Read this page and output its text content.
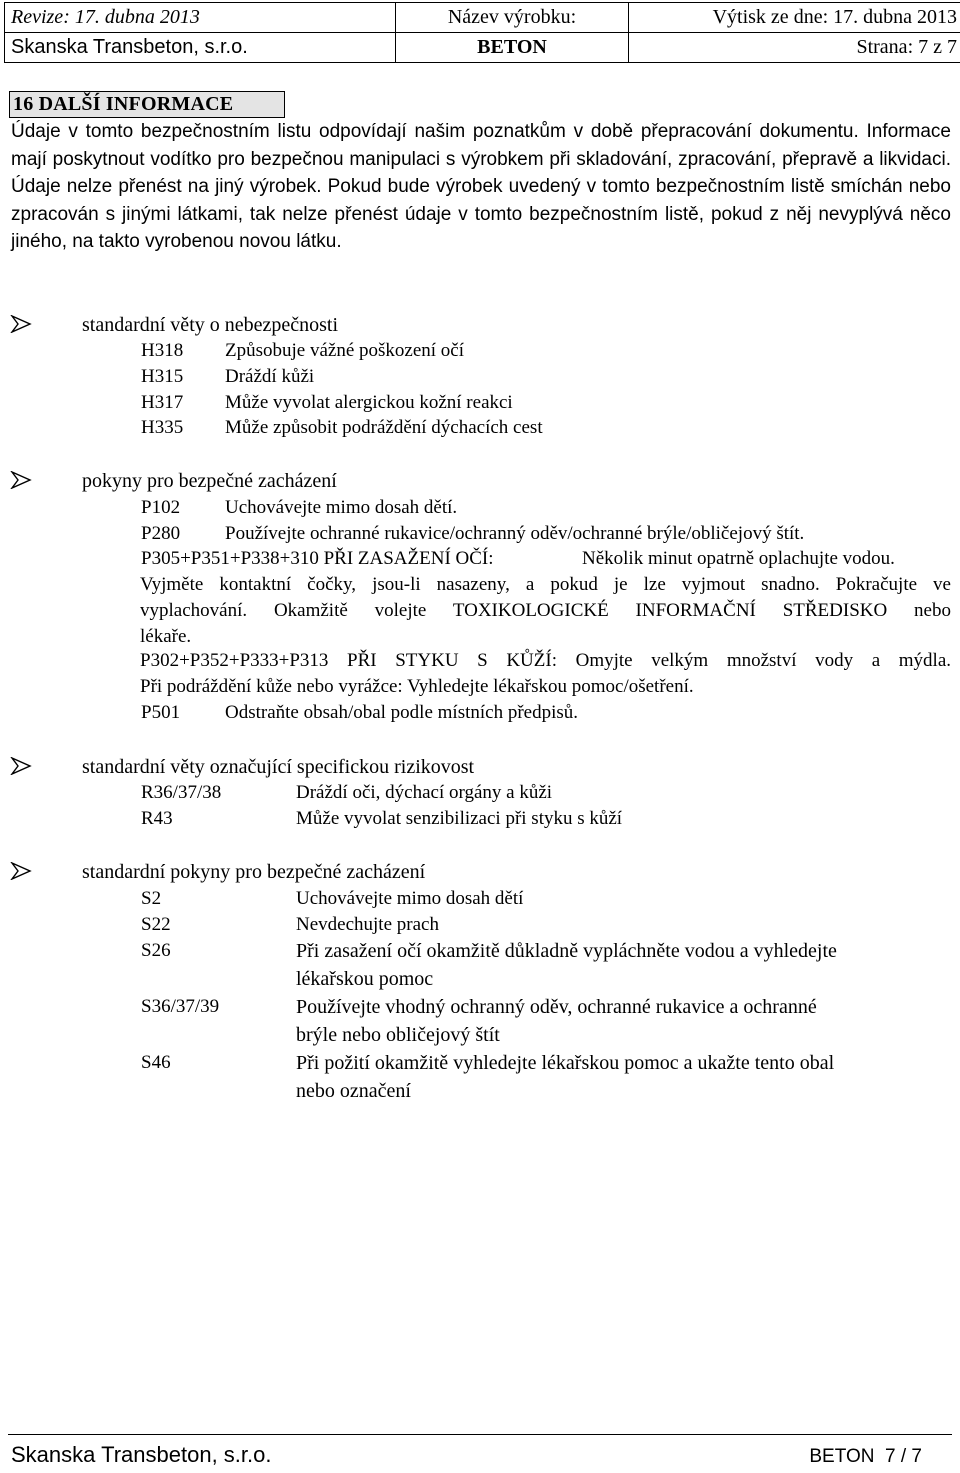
Revize: 17. dubna 2013	Název výrobku:	Výtisk ze dne: 17. dubna 2013
Skanska Transbeton, s.r.o.	BETON	Strana: 7 z 7
16 DALŠÍ INFORMACE

Údaje v tomto bezpečnostním listu odpovídají našim poznatkům v době přepracování dokumentu. Informace mají poskytnout vodítko pro bezpečnou manipulaci s výrobkem při skladování, zpracování, přepravě a likvidaci. Údaje nelze přenést na jiný výrobek. Pokud bude výrobek uvedený v tomto bezpečnostním listě smíchán nebo zpracován s jinými látkami, tak nelze přenést údaje v tomto bezpečnostním listě, pokud z něj nevyplývá něco jiného, na takto vyrobenou novou látku.

standardní věty o nebezpečnosti
H318 Způsobuje vážné poškození očí
H315 Dráždí kůži
H317 Může vyvolat alergickou kožní reakci
H335 Může způsobit podráždění dýchacích cest
pokyny pro bezpečné zacházení
P102 Uchovávejte mimo dosah dětí.
P280 Používejte ochranné rukavice/ochranný oděv/ochranné brýle/obličejový štít.
P305+P351+P338+310 PŘI ZASAŽENÍ OČÍ:	Několik minut opatrně oplachujte vodou.
Vyjměte kontaktní čočky, jsou-li nasazeny, a pokud je lze vyjmout snadno. Pokračujte ve
vyplachování. Okamžitě volejte TOXIKOLOGICKÉ INFORMAČNÍ STŘEDISKO nebo
lékaře.
P302+P352+P333+P313 PŘI STYKU S KŮŽÍ: Omyjte velkým množství vody a mýdla.
Při podráždění kůže nebo vyrážce: Vyhledejte lékařskou pomoc/ošetření.
P501 Odstraňte obsah/obal podle místních předpisů.
standardní věty označující specifickou rizikovost
R36/37/38	Dráždí oči, dýchací orgány a kůži
R43	Může vyvolat senzibilizaci při styku s kůží
standardní pokyny pro bezpečné zacházení
S2	Uchovávejte mimo dosah dětí
S22	Nevdechujte prach
S26	Při zasažení očí okamžitě důkladně vypláchněte vodou a vyhledejte
lékařskou pomoc
S36/37/39	Používejte vhodný ochranný oděv, ochranné rukavice a ochranné
brýle nebo obličejový štít
S46	Při požití okamžitě vyhledejte lékařskou pomoc a ukažte tento obal
nebo označení
Skanska Transbeton, s.r.o.	BETON  7 / 7
